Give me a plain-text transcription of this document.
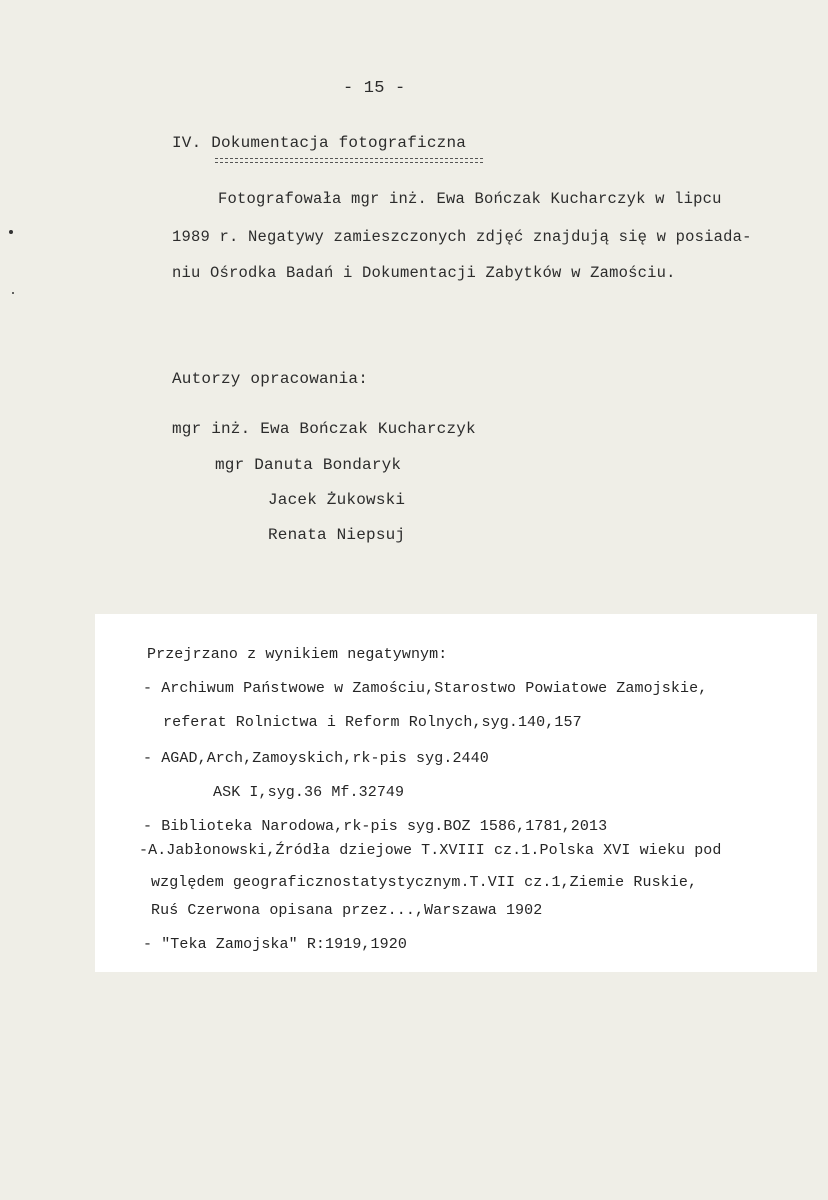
- 15 -
IV. Dokumentacja fotograficzna
Fotografowała mgr inż. Ewa Bończak Kucharczyk w lipcu
1989 r. Negatywy zamieszczonych zdjęć znajdują się w posiada-
niu Ośrodka Badań i Dokumentacji Zabytków w Zamościu.
Autorzy opracowania:
mgr inż. Ewa Bończak Kucharczyk
mgr Danuta Bondaryk
Jacek Żukowski
Renata Niepsuj
Przejrzano z wynikiem negatywnym:
- Archiwum Państwowe w Zamościu,Starostwo Powiatowe Zamojskie,
referat Rolnictwa i Reform Rolnych,syg.140,157
- AGAD,Arch,Zamoyskich,rk-pis syg.2440
ASK I,syg.36 Mf.32749
- Biblioteka Narodowa,rk-pis syg.BOZ 1586,1781,2013
-A.Jabłonowski,Źródła dziejowe T.XVIII cz.1.Polska XVI wieku pod
względem geograficznostatystycznym.T.VII cz.1,Ziemie Ruskie,
Ruś Czerwona opisana przez...,Warszawa 1902
- "Teka Zamojska" R:1919,1920
